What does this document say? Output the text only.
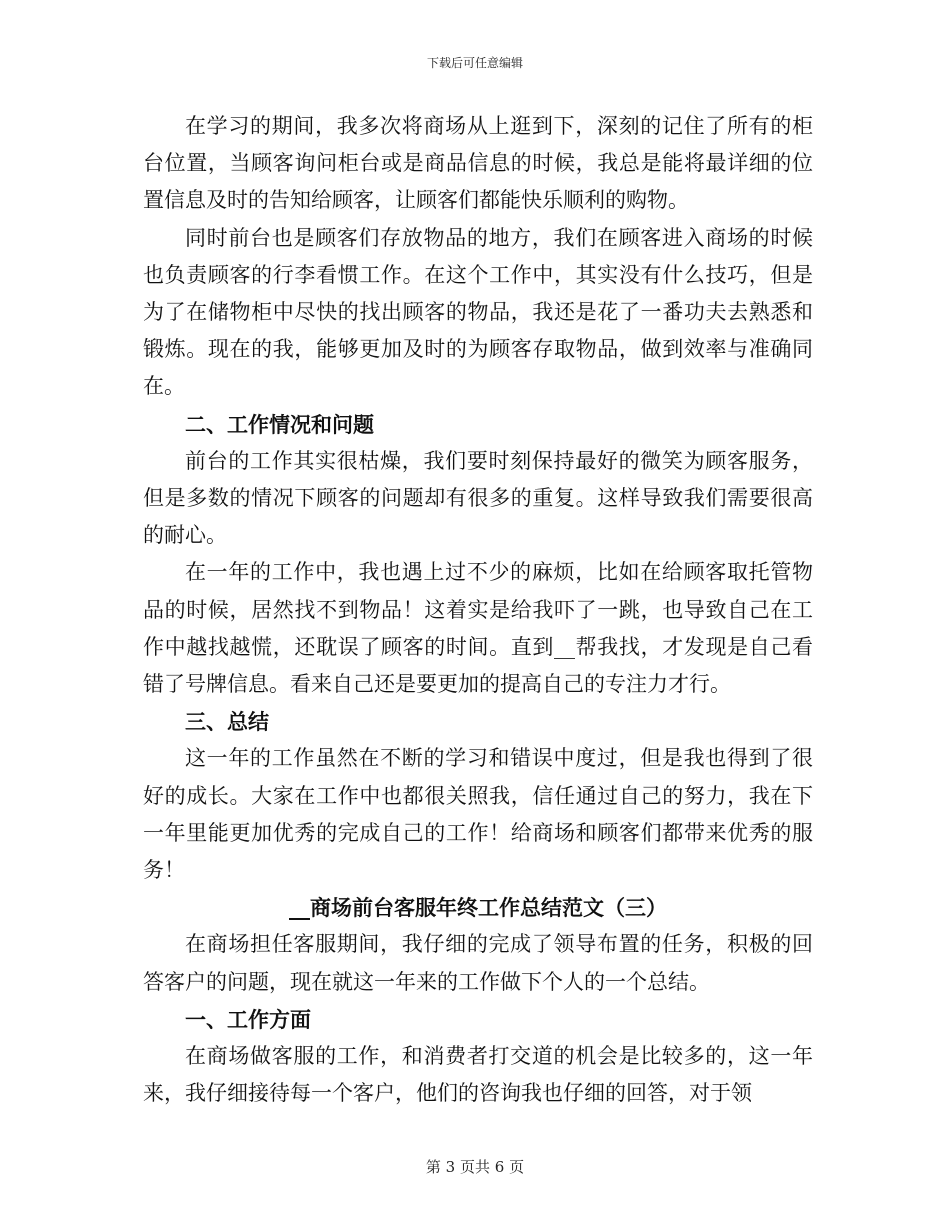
下载后可任意编辑

在学习的期间，我多次将商场从上逛到下，深刻的记住了所有的柜台位置，当顾客询问柜台或是商品信息的时候，我总是能将最详细的位置信息及时的告知给顾客，让顾客们都能快乐顺利的购物。

同时前台也是顾客们存放物品的地方，我们在顾客进入商场的时候也负责顾客的行李看惯工作。在这个工作中，其实没有什么技巧，但是为了在储物柜中尽快的找出顾客的物品，我还是花了一番功夫去熟悉和锻炼。现在的我，能够更加及时的为顾客存取物品，做到效率与准确同在。

二、工作情况和问题

前台的工作其实很枯燥，我们要时刻保持最好的微笑为顾客服务，但是多数的情况下顾客的问题却有很多的重复。这样导致我们需要很高的耐心。

在一年的工作中，我也遇上过不少的麻烦，比如在给顾客取托管物品的时候，居然找不到物品！这着实是给我吓了一跳，也导致自己在工作中越找越慌，还耽误了顾客的时间。直到__帮我找，才发现是自己看错了号牌信息。看来自己还是要更加的提高自己的专注力才行。

三、总结

这一年的工作虽然在不断的学习和错误中度过，但是我也得到了很好的成长。大家在工作中也都很关照我，信任通过自己的努力，我在下一年里能更加优秀的完成自己的工作！给商场和顾客们都带来优秀的服务！

__商场前台客服年终工作总结范文（三）

在商场担任客服期间，我仔细的完成了领导布置的任务，积极的回答客户的问题，现在就这一年来的工作做下个人的一个总结。

一、工作方面

在商场做客服的工作，和消费者打交道的机会是比较多的，这一年来，我仔细接待每一个客户，他们的咨询我也仔细的回答，对于领

第 3 页共 6 页
